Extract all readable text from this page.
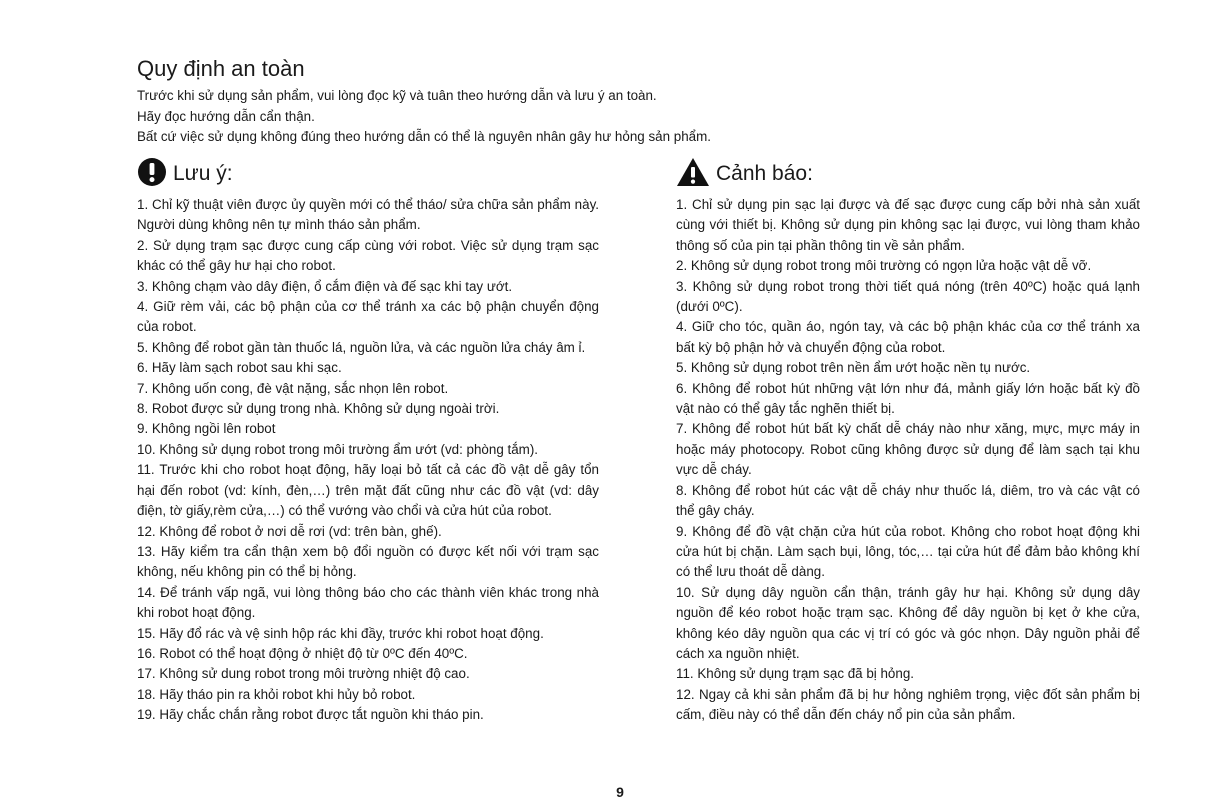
Quy định an toàn

Trước khi sử dụng sản phẩm, vui lòng đọc kỹ và tuân theo hướng dẫn và lưu ý an toàn.

Hãy đọc hướng dẫn cẩn thận.

Bất cứ việc sử dụng không đúng theo hướng dẫn có thể là nguyên nhân gây hư hỏng sản phẩm.

Lưu ý:

1. Chỉ kỹ thuật viên được ủy quyền mới có thể tháo/ sửa chữa sản phẩm này. Người dùng không nên tự mình tháo sản phẩm.

2. Sử dụng trạm sạc được cung cấp cùng với robot. Việc sử dụng trạm sạc khác có thể gây hư hại cho robot.

3. Không chạm vào dây điện, ổ cắm điện và đế sạc khi tay ướt.

4. Giữ rèm vải, các bộ phận của cơ thể tránh xa các bộ phận chuyển động của robot.

5. Không để robot gần tàn thuốc lá, nguồn lửa, và các nguồn lửa cháy âm ỉ.

6. Hãy làm sạch robot sau khi sạc.

7. Không uốn cong, đè vật nặng, sắc nhọn lên robot.

8. Robot được sử dụng trong nhà. Không sử dụng ngoài trời.

9. Không ngồi lên robot

10. Không sử dụng robot trong môi trường ẩm ướt (vd: phòng tắm).

11. Trước khi cho robot hoạt động, hãy loại bỏ tất cả các đồ vật dễ gây tổn hại đến robot (vd: kính, đèn,…) trên mặt đất cũng như các đồ vật (vd: dây điện, tờ giấy,rèm cửa,…) có thể vướng vào chổi và cửa hút của robot.

12. Không để robot ở nơi dễ rơi (vd: trên bàn, ghế).

13. Hãy kiểm tra cẩn thận xem bộ đổi nguồn có được kết nối với trạm sạc không, nếu không pin có thể bị hỏng.

14. Để tránh vấp ngã, vui lòng thông báo cho các thành viên khác trong nhà khi robot hoạt động.

15. Hãy đổ rác và vệ sinh hộp rác khi đầy, trước khi robot hoạt động.

16. Robot có thể hoạt động ở nhiệt độ từ 0ºC đến 40ºC.

17. Không sử dung robot trong môi trường nhiệt độ cao.

18. Hãy tháo pin ra khỏi robot khi hủy bỏ robot.

19. Hãy chắc chắn rằng robot được tắt nguồn khi tháo pin.

Cảnh báo:

1. Chỉ sử dụng pin sạc lại được và đế sạc được cung cấp bởi nhà sản xuất cùng với thiết bị. Không sử dụng pin không sạc lại được, vui lòng tham khảo thông số của pin tại phần thông tin về sản phẩm.

2. Không sử dụng robot trong môi trường có ngọn lửa hoặc vật dễ vỡ.

3. Không sử dụng robot trong thời tiết quá nóng (trên 40ºC) hoặc quá lạnh (dưới 0ºC).

4. Giữ cho tóc, quần áo, ngón tay, và các bộ phận khác của cơ thể tránh xa bất kỳ bộ phận hở và chuyển động của robot.

5. Không sử dụng robot trên nền ẩm ướt hoặc nền tụ nước.

6. Không để robot hút những vật lớn như đá, mảnh giấy lớn hoặc bất kỳ đồ vật nào có thể gây tắc nghẽn thiết bị.

7. Không để robot hút bất kỳ chất dễ cháy nào như xăng, mực, mực máy in hoặc máy photocopy. Robot cũng không được sử dụng để làm sạch tại khu vực dễ cháy.

8. Không để robot hút các vật dễ cháy như thuốc lá, diêm, tro và các vật có thể gây cháy.

9. Không để đồ vật chặn cửa hút của robot. Không cho robot hoạt động khi cửa hút bị chặn. Làm sạch bụi, lông, tóc,… tại cửa hút để đảm bảo không khí có thể lưu thoát dễ dàng.

10. Sử dụng dây nguồn cẩn thận, tránh gây hư hại. Không sử dụng dây nguồn để kéo robot hoặc trạm sạc. Không để dây nguồn bị kẹt ở khe cửa, không kéo dây nguồn qua các vị trí có góc và góc nhọn. Dây nguồn phải để cách xa nguồn nhiệt.

11. Không sử dụng trạm sạc đã bị hỏng.

12. Ngay cả khi sản phẩm đã bị hư hỏng nghiêm trọng, việc đốt sản phẩm bị cấm, điều này có thể dẫn đến cháy nổ pin của sản phẩm.

9
